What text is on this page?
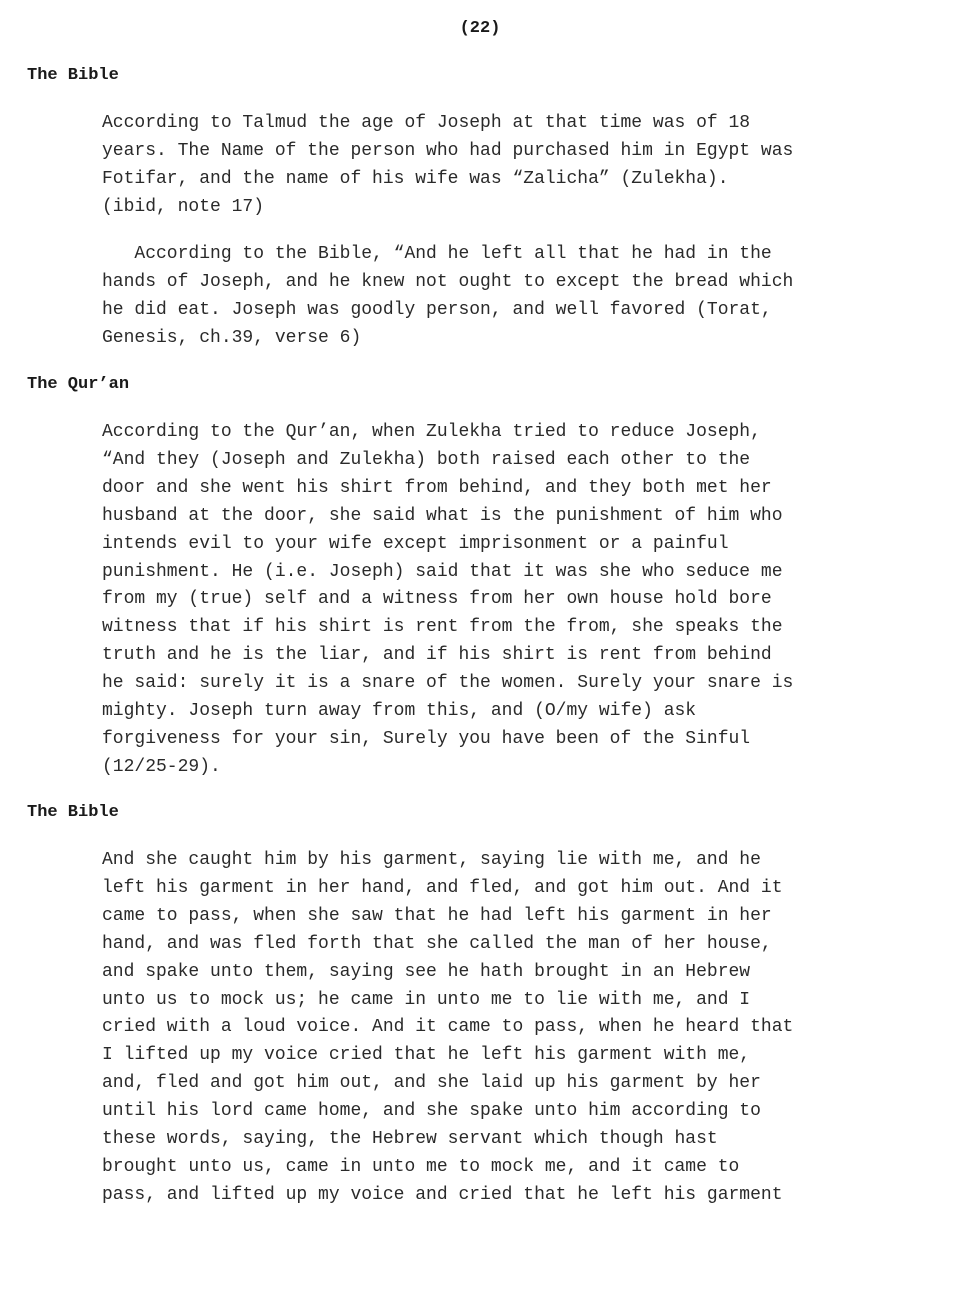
(22)
The Bible

According to Talmud the age of Joseph at that time was of 18
years. The Name of the person who had purchased him in Egypt was
Fotifar, and the name of his wife was “Zalicha” (Zulekha).
(ibid, note 17)

According to the Bible, “And he left all that he had in the
hands of Joseph, and he knew not ought to except the bread which
he did eat. Joseph was goodly person, and well favored (Torat,
Genesis, ch.39, verse 6)

The Qur’an

According to the Qur’an, when Zulekha tried to reduce Joseph,
“And they (Joseph and Zulekha) both raised each other to the
door and she went his shirt from behind, and they both met her
husband at the door, she said what is the punishment of him who
intends evil to your wife except imprisonment or a painful
punishment. He (i.e. Joseph) said that it was she who seduce me
from my (true) self and a witness from her own house hold bore
witness that if his shirt is rent from the from, she speaks the
truth and he is the liar, and if his shirt is rent from behind
he said: surely it is a snare of the women. Surely your snare is
mighty. Joseph turn away from this, and (O/my wife) ask
forgiveness for your sin, Surely you have been of the Sinful
(12/25-29).

The Bible

And she caught him by his garment, saying lie with me, and he
left his garment in her hand, and fled, and got him out. And it
came to pass, when she saw that he had left his garment in her
hand, and was fled forth that she called the man of her house,
and spake unto them, saying see he hath brought in an Hebrew
unto us to mock us; he came in unto me to lie with me, and I
cried with a loud voice. And it came to pass, when he heard that
I lifted up my voice cried that he left his garment with me,
and, fled and got him out, and she laid up his garment by her
until his lord came home, and she spake unto him according to
these words, saying, the Hebrew servant which though hast
brought unto us, came in unto me to mock me, and it came to
pass, and lifted up my voice and cried that he left his garment
